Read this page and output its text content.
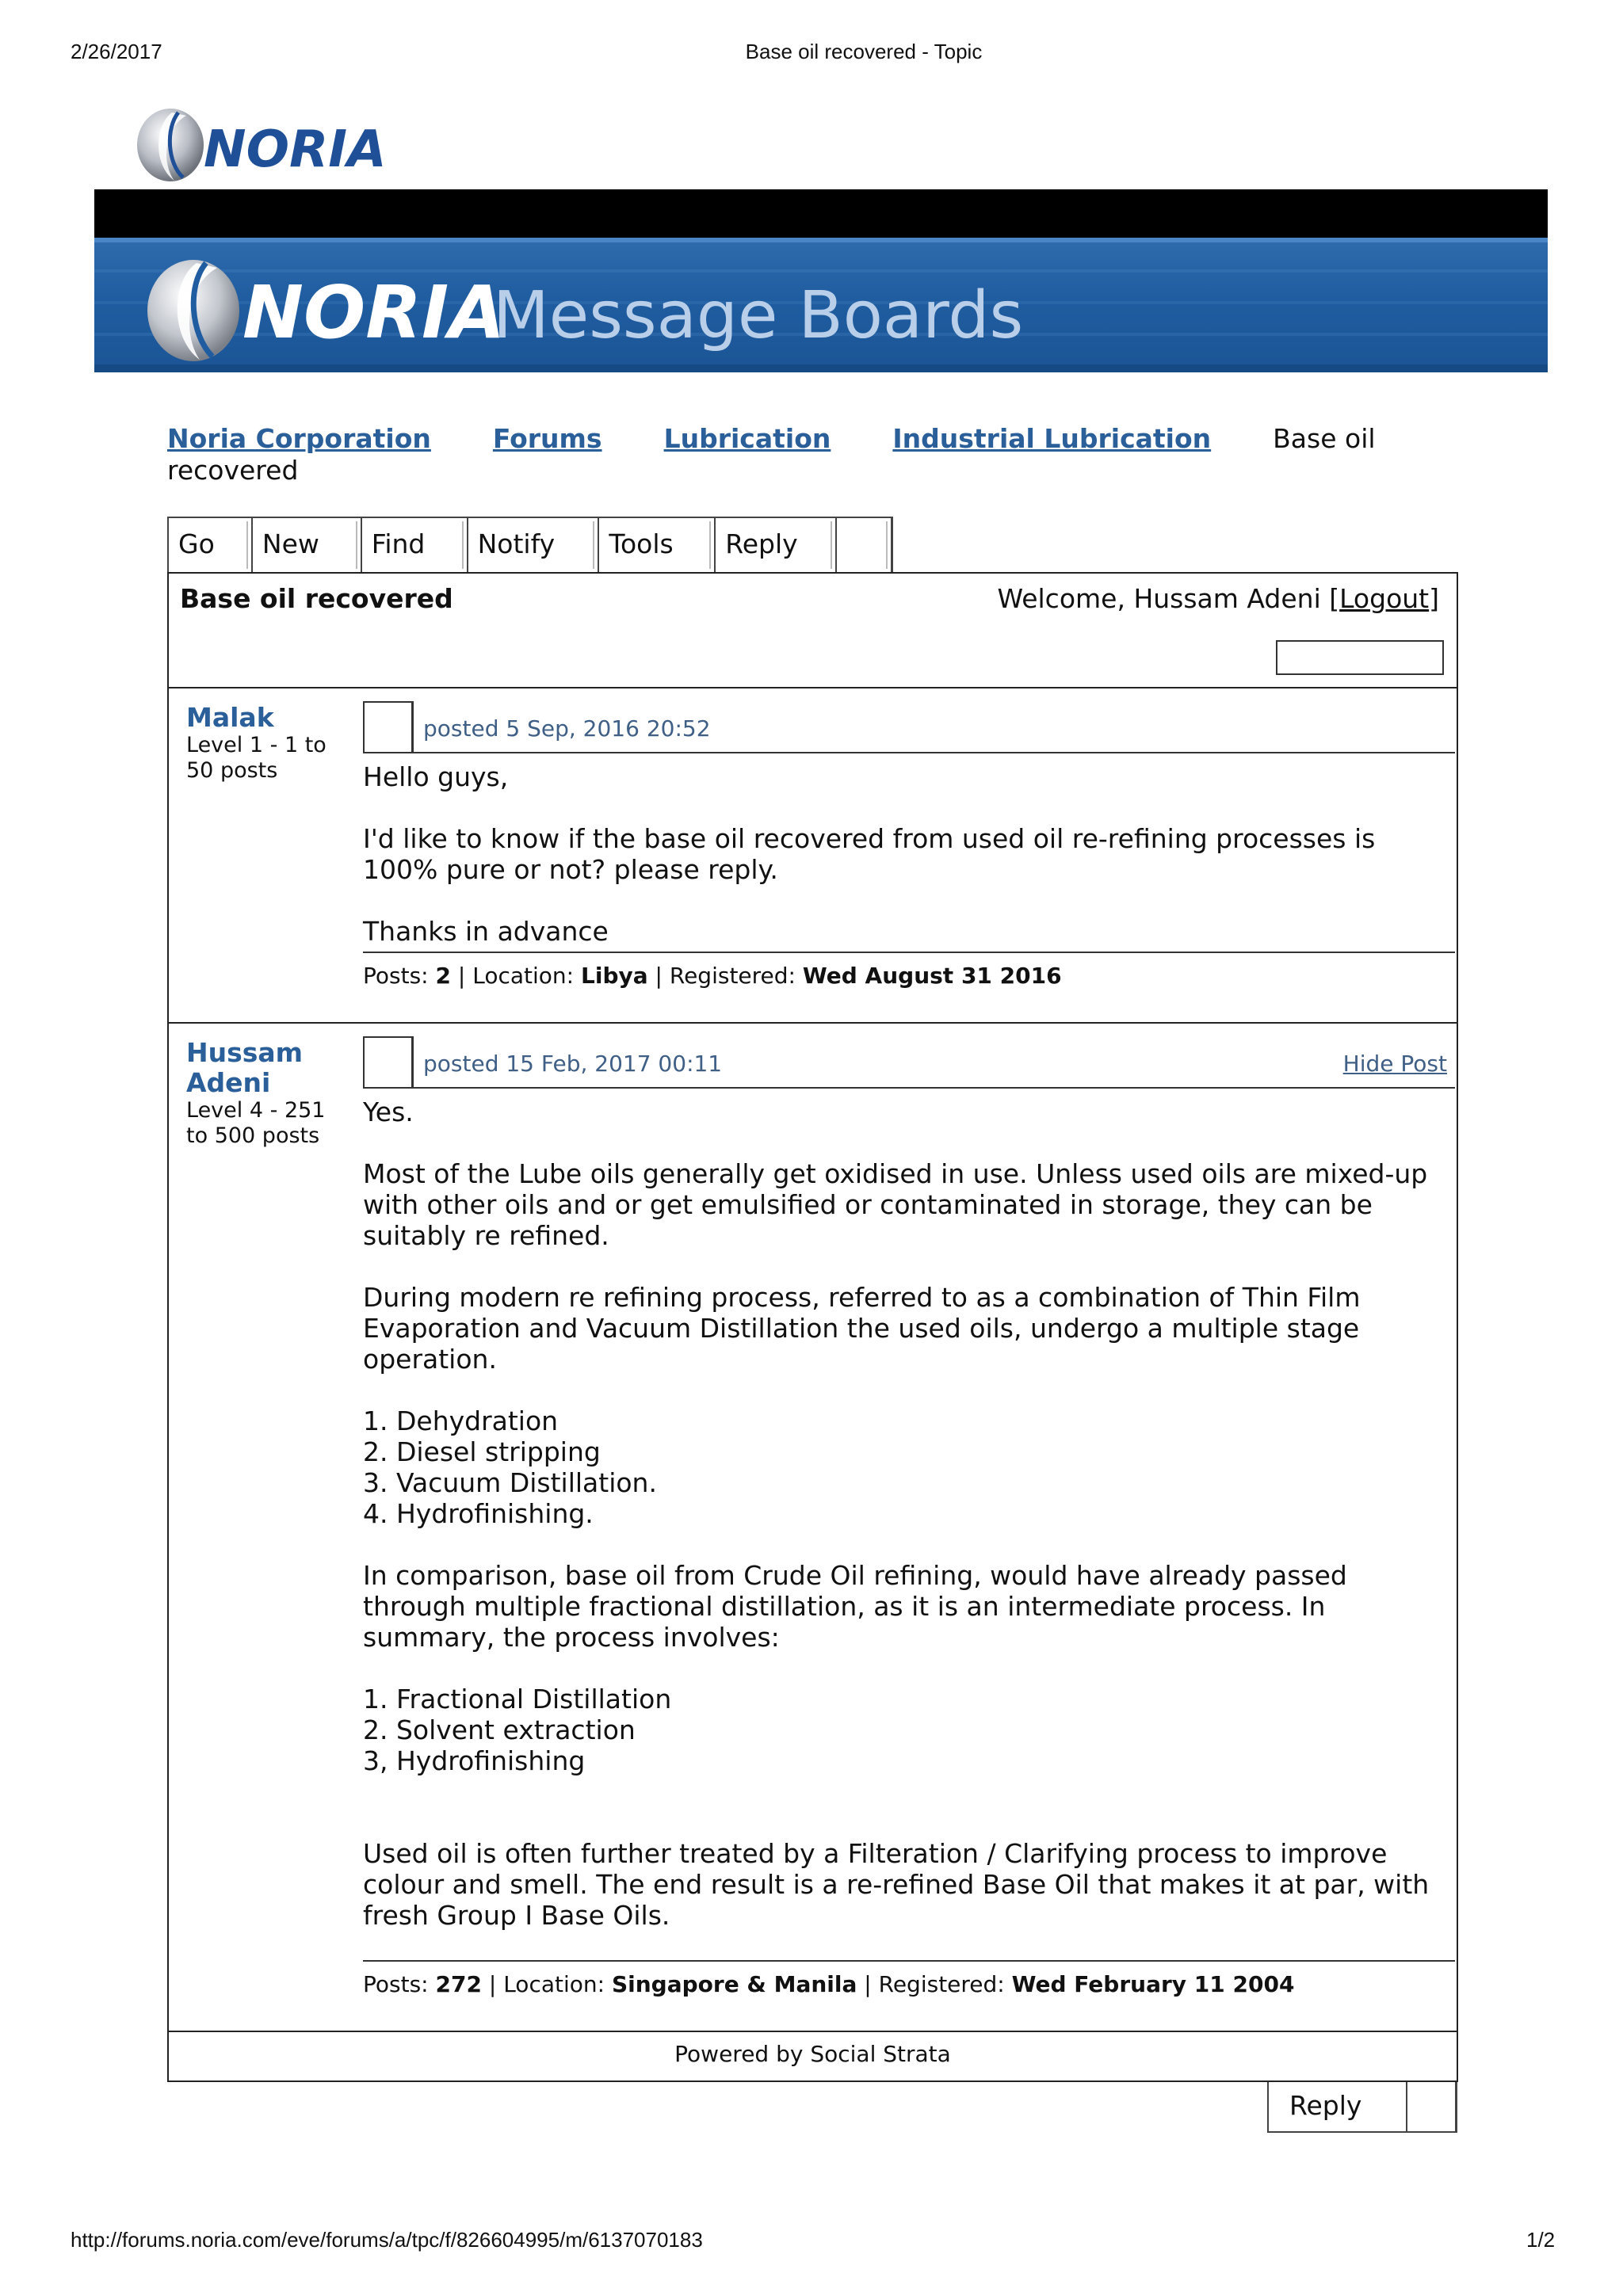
2/26/2017	Base oil recovered - Topic
NORIA
NORIA
Message Boards
Noria Corporation Forums Lubrication Industrial Lubrication Base oil recovered
Go	New	Find	Notify	Tools	Reply
Base oil recovered	Welcome, Hussam Adeni [Logout]
Malak
Level 1 - 1 to 50 posts
posted 5 Sep, 2016 20:52
Hello guys,

I'd like to know if the base oil recovered from used oil re-refining processes is 100% pure or not? please reply.

Thanks in advance
Posts: 2 | Location: Libya | Registered: Wed August 31 2016
Hussam Adeni
Level 4 - 251 to 500 posts
posted 15 Feb, 2017 00:11	Hide Post
Yes.

Most of the Lube oils generally get oxidised in use. Unless used oils are mixed-up with other oils and or get emulsified or contaminated in storage, they can be suitably re refined.

During modern re refining process, referred to as a combination of Thin Film Evaporation and Vacuum Distillation the used oils, undergo a multiple stage operation.

1. Dehydration
2. Diesel stripping
3. Vacuum Distillation.
4. Hydrofinishing.

In comparison, base oil from Crude Oil refining, would have already passed through multiple fractional distillation, as it is an intermediate process. In summary, the process involves:

1. Fractional Distillation
2. Solvent extraction
3, Hydrofinishing

Used oil is often further treated by a Filteration / Clarifying process to improve colour and smell. The end result is a re-refined Base Oil that makes it at par, with fresh Group I Base Oils.
Posts: 272 | Location: Singapore & Manila | Registered: Wed February 11 2004
Powered by Social Strata
Reply
http://forums.noria.com/eve/forums/a/tpc/f/826604995/m/6137070183	1/2
